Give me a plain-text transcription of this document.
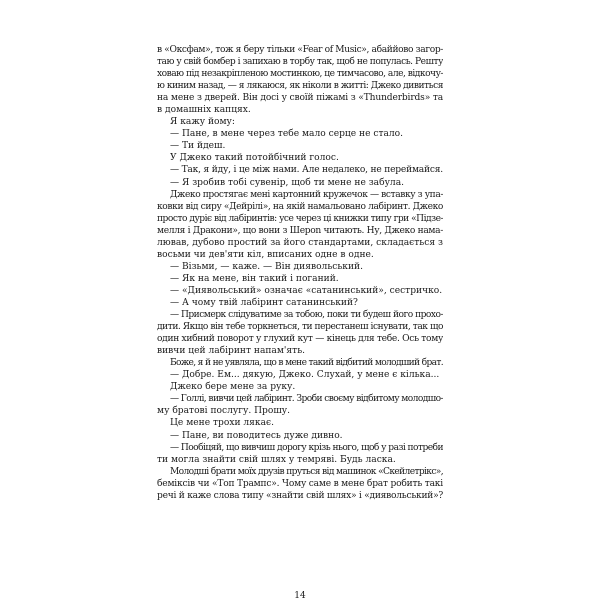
в «Оксфам», тож я беру тільки «Fear of Music», абаййово загор-
таю у свій бомбер і запихаю в торбу так, щоб не популась. Решту
ховаю під незакріпленою мостинкою, це тимчасово, але, відкочу-
ю киним назад, — я лякаюся, як ніколи в житті: Джеко дивиться
на мене з дверей. Він досі у своїй піжамі з «Thunderbirds» та
в домашніх капцях.
Я кажу йому:
— Пане, в мене через тебе мало серце не стало.
— Ти йдеш.
У Джеко такий потойбічний голос.
— Так, я йду, і це між нами. Але недалеко, не переймайся.
— Я зробив тобі сувенір, щоб ти мене не забула.
Джеко простягає мені картонний кружечок — вставку з упа-
ковки від сиру «Дейрілі», на якій намальовано лабіринт. Джеко
просто дуріє від лабіринтів: усе через ці книжки типу гри «Підзе-
мелля і Дракони», що вони з Шероn читають. Ну, Джеко нама-
лював, дубово простий за його стандартами, складається з
восьми чи дев'яти кіл, вписаних одне в одне.
— Візьми, — каже. — Він диявольський.
— Як на мене, він такий і поганий.
— «Диявольський» означає «сатанинський», сестричко.
— А чому твій лабіринт сатанинський?
— Присмерк слідуватиме за тобою, поки ти будеш його прохо-
дити. Якщо він тебе торкнеться, ти перестанеш існувати, так що
один хибний поворот у глухий кут — кінець для тебе. Ось тому
вивчи цей лабіринт напам'ять.
Боже, я й не уявляла, що в мене такий відбитий молодший брат.
— Добре. Ем... дякую, Джеко. Слухай, у мене є кілька...
Джеко бере мене за руку.
— Голлі, вивчи цей лабіринт. Зроби своєму відбитому молодшо-
му братові послугу. Прошу.
Це мене трохи лякає.
— Пане, ви поводитесь дуже дивно.
— Пообіцяй, що вивчиш дорогу крізь нього, щоб у разі потреби
ти могла знайти свій шлях у темряві. Будь ласка.
Молодші брати моїх друзів пруться від машинок «Скейлетрікс»,
беміксів чи «Топ Трампс». Чому саме в мене брат робить такі
речі й каже слова типу «знайти свій шлях» і «диявольський»?
14
